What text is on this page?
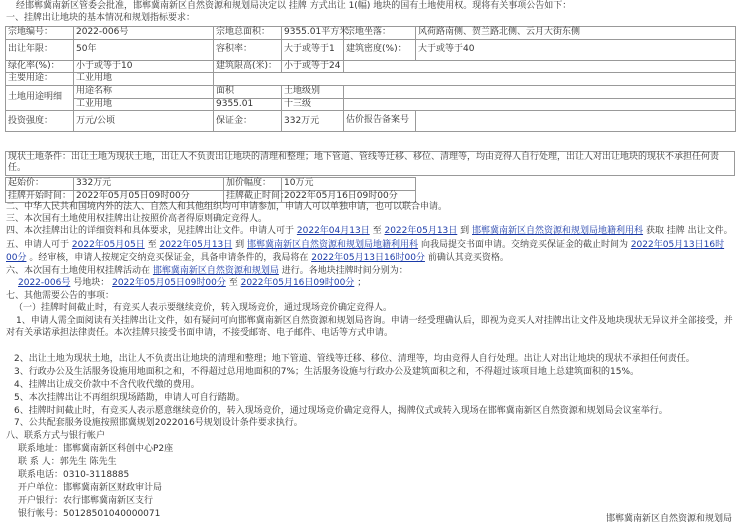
经邯郸冀南新区管委会批准，邯郸冀南新区自然资源和规划局决定以 挂牌 方式出让 1(幅) 地块的国有土地使用权。现将有关事项公告如下：
一、挂牌出让地块的基本情况和规划指标要求：
宗地编号：	2022-006号	宗地总面积：	9355.01平方米	宗地坐落：	风荷路南侧、贺兰路北侧、云月大街东侧
出让年限：	50年	容积率：	大于或等于1	建筑密度(%)：	大于或等于40
绿化率(%)：	小于或等于10	建筑限高(米)：	小于或等于24		
主要用途：	工业用地				
土地用途明细	用途名称	面积	土地级别		
	工业用地	9355.01	十三级		
投资强度：	万元/公顷	保证金：	332万元	估价报告备案号	
现状土地条件：出让土地为现状土地，出让人不负责出让地块的清理和整理；地下管道、管线等迁移、移位、清理等，均由竞得人自行处理，出让人对出让地块的现状不承担任何责任。
起始价：	332万元	加价幅度：	10万元
挂牌开始时间：	2022年05月05日09时00分	挂牌截止时间：	2022年05月16日09时00分
二、中华人民共和国境内外的法人、自然人和其他组织均可申请参加，申请人可以单独申请，也可以联合申请。
三、本次国有土地使用权挂牌出让按照价高者得原则确定竞得人。
四、本次挂牌出让的详细资料和具体要求，见挂牌出让文件。申请人可于 2022年04月13日 至 2022年05月13日 到 邯郸冀南新区自然资源和规划局地籍利用科 获取 挂牌 出让文件。
五、申请人可于 2022年05月05日 至 2022年05月13日 到 邯郸冀南新区自然资源和规划局地籍利用科 向我局提交书面申请。交纳竞买保证金的截止时间为 2022年05月13日16时
00分 。经审核，申请人按规定交纳竞买保证金，具备申请条件的，我局将在 2022年05月13日16时00分 前确认其竞买资格。
六、本次国有土地使用权挂牌活动在 邯郸冀南新区自然资源和规划局 进行。各地块挂牌时间分别为：
2022-006号 号地块： 2022年05月05日09时00分 至 2022年05月16日09时00分 ；
七、其他需要公告的事项：
（一）挂牌时间截止时，有竞买人表示要继续竞价，转入现场竞价，通过现场竞价确定竞得人。
1、申请人需全面阅读有关挂牌出让文件，如有疑问可向邯郸冀南新区自然资源和规划局咨询。申请一经受理确认后，即视为竞买人对挂牌出让文件及地块现状无异议并全部接受，并对有关承诺承担法律责任。本次挂牌只接受书面申请，不接受邮寄、电子邮件、电话等方式申请。
2、出让土地为现状土地，出让人不负责出让地块的清理和整理；地下管道、管线等迁移、移位、清理等，均由竞得人自行处理。出让人对出让地块的现状不承担任何责任。
3、行政办公及生活服务设施用地面积之和，不得超过总用地面积的7%；生活服务设施与行政办公及建筑面积之和，不得超过该项目地上总建筑面积的15%。
4、挂牌出让成交价款中不含代收代缴的费用。
5、本次挂牌出让不再组织现场踏勘，申请人可自行踏勘。
6、挂牌时间截止时，有竞买人表示愿意继续竞价的，转入现场竞价，通过现场竞价确定竞得人，揭牌仪式或转入现场在邯郸冀南新区自然资源和规划局会议室举行。
7、公共配套服务设施按照邯冀规划2022016号规划设计条件要求执行。
八、联系方式与银行帐户
联系地址：邯郸冀南新区科创中心P2座
联 系 人：郭先生 陈先生
联系电话：0310-3118885
开户单位：邯郸冀南新区财政审计局
开户银行：农行邯郸冀南新区支行
银行帐号：50128501040000071
邯郸冀南新区自然资源和规划局
